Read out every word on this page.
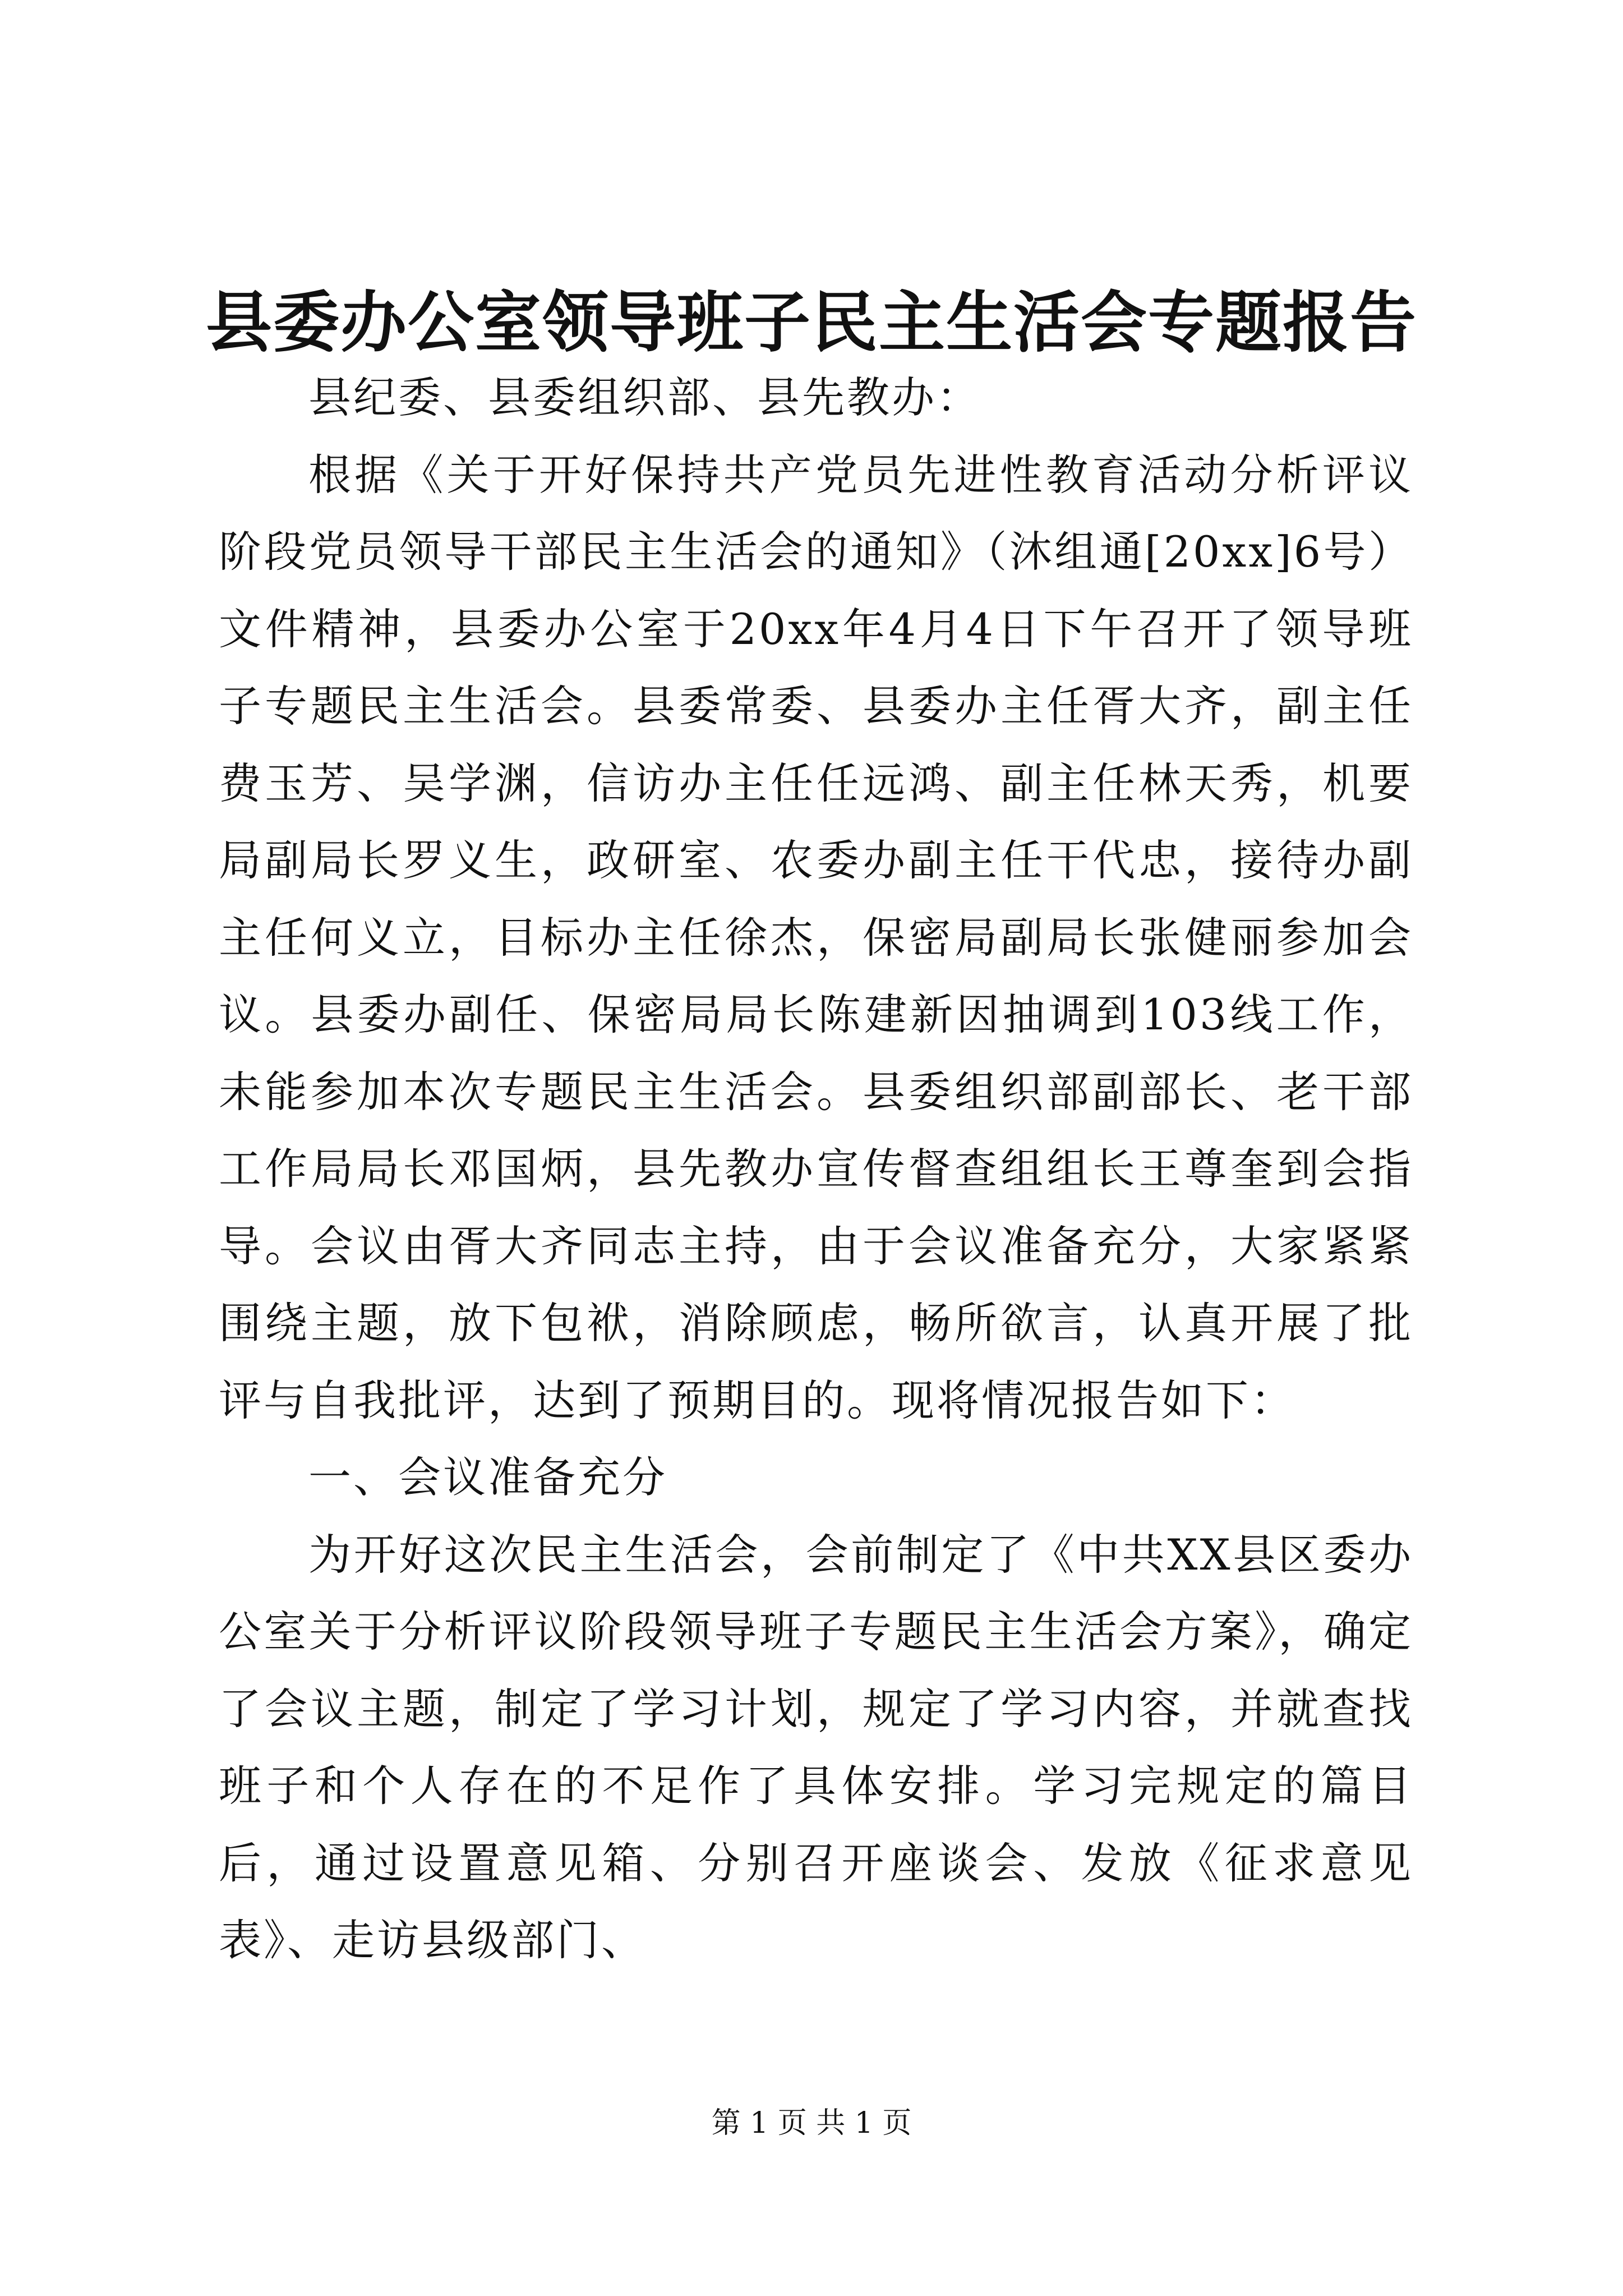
县委办公室领导班子民主生活会专题报告

县纪委、县委组织部、县先教办：

根据《关于开好保持共产党员先进性教育活动分析评议阶段党员领导干部民主生活会的通知》（沐组通[20xx]6号）文件精神，县委办公室于20xx年4月4日下午召开了领导班子专题民主生活会。县委常委、县委办主任胥大齐，副主任费玉芳、吴学渊，信访办主任任远鸿、副主任林天秀，机要局副局长罗义生，政研室、农委办副主任干代忠，接待办副主任何义立，目标办主任徐杰，保密局副局长张健丽参加会议。县委办副任、保密局局长陈建新因抽调到103线工作，未能参加本次专题民主生活会。县委组织部副部长、老干部工作局局长邓国炳，县先教办宣传督查组组长王尊奎到会指导。会议由胥大齐同志主持，由于会议准备充分，大家紧紧围绕主题，放下包袱，消除顾虑，畅所欲言，认真开展了批评与自我批评，达到了预期目的。现将情况报告如下：

一、会议准备充分

为开好这次民主生活会，会前制定了《中共XX县区委办公室关于分析评议阶段领导班子专题民主生活会方案》，确定了会议主题，制定了学习计划，规定了学习内容，并就查找班子和个人存在的不足作了具体安排。学习完规定的篇目后，通过设置意见箱、分别召开座谈会、发放《征求意见表》、走访县级部门、

第 1 页 共 1 页
